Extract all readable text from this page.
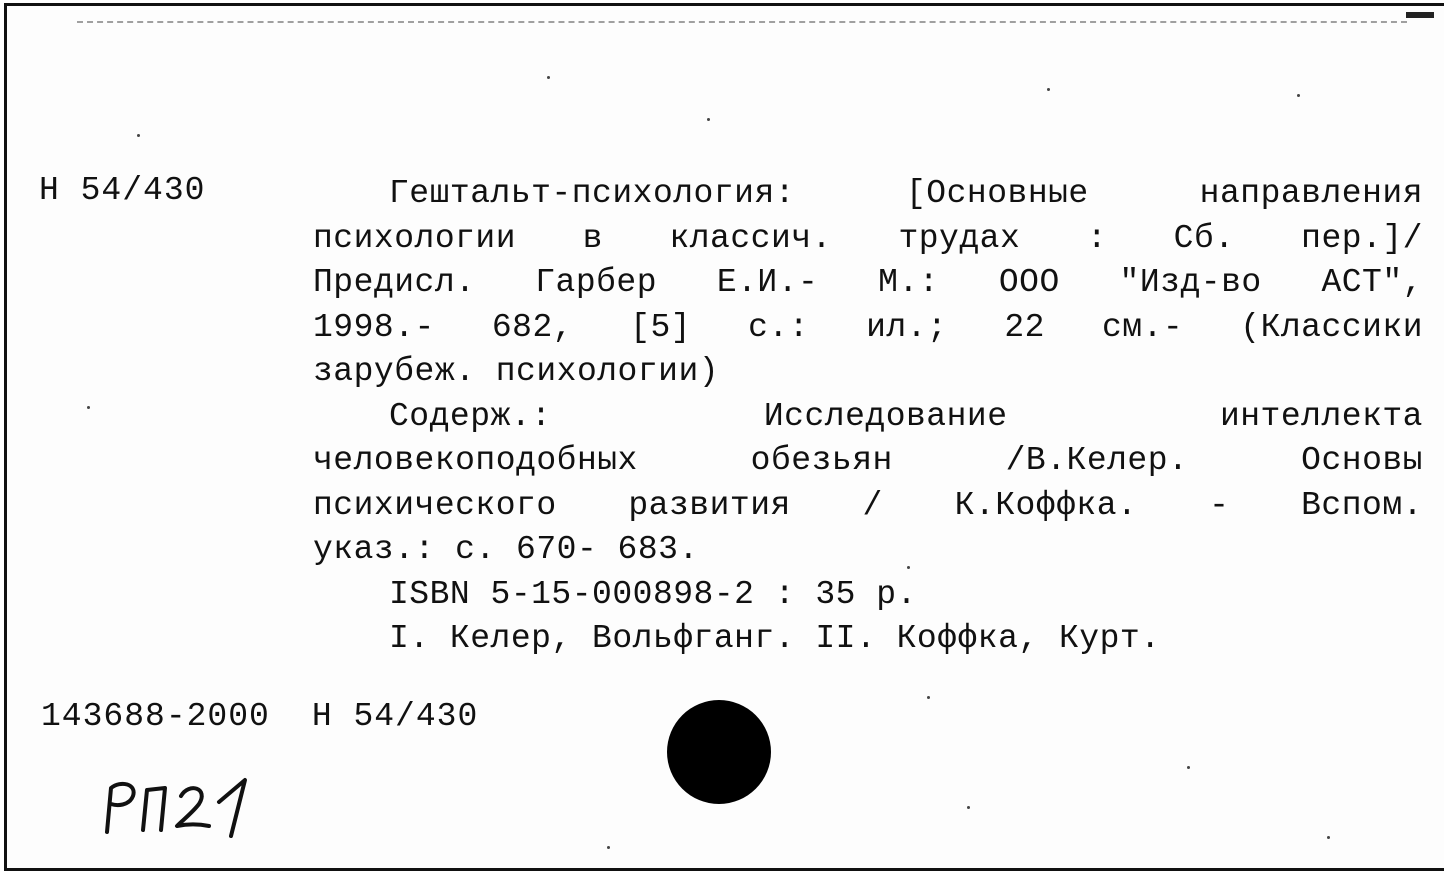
Н 54/430	Гештальт-психология:	[Основные	направления
психологии в классич. трудах : Сб. пер.]/
Предисл. Гарбер Е.И.- М.: ООО "Изд-во АСТ",
1998.- 682, [5] с.: ил.; 22 см.- (Классики
зарубеж. психологии)
Содерж.:	Исследование	интеллекта
человекоподобных	обезьян	/В.Келер.	Основы
психического развития / К.Коффка. - Вспом.
указ.: с. 670- 683.
ISBN 5-15-000898-2 : 35 р.
I. Келер, Вольфганг. II. Коффка, Курт.
143688-2000 Н 54/430
